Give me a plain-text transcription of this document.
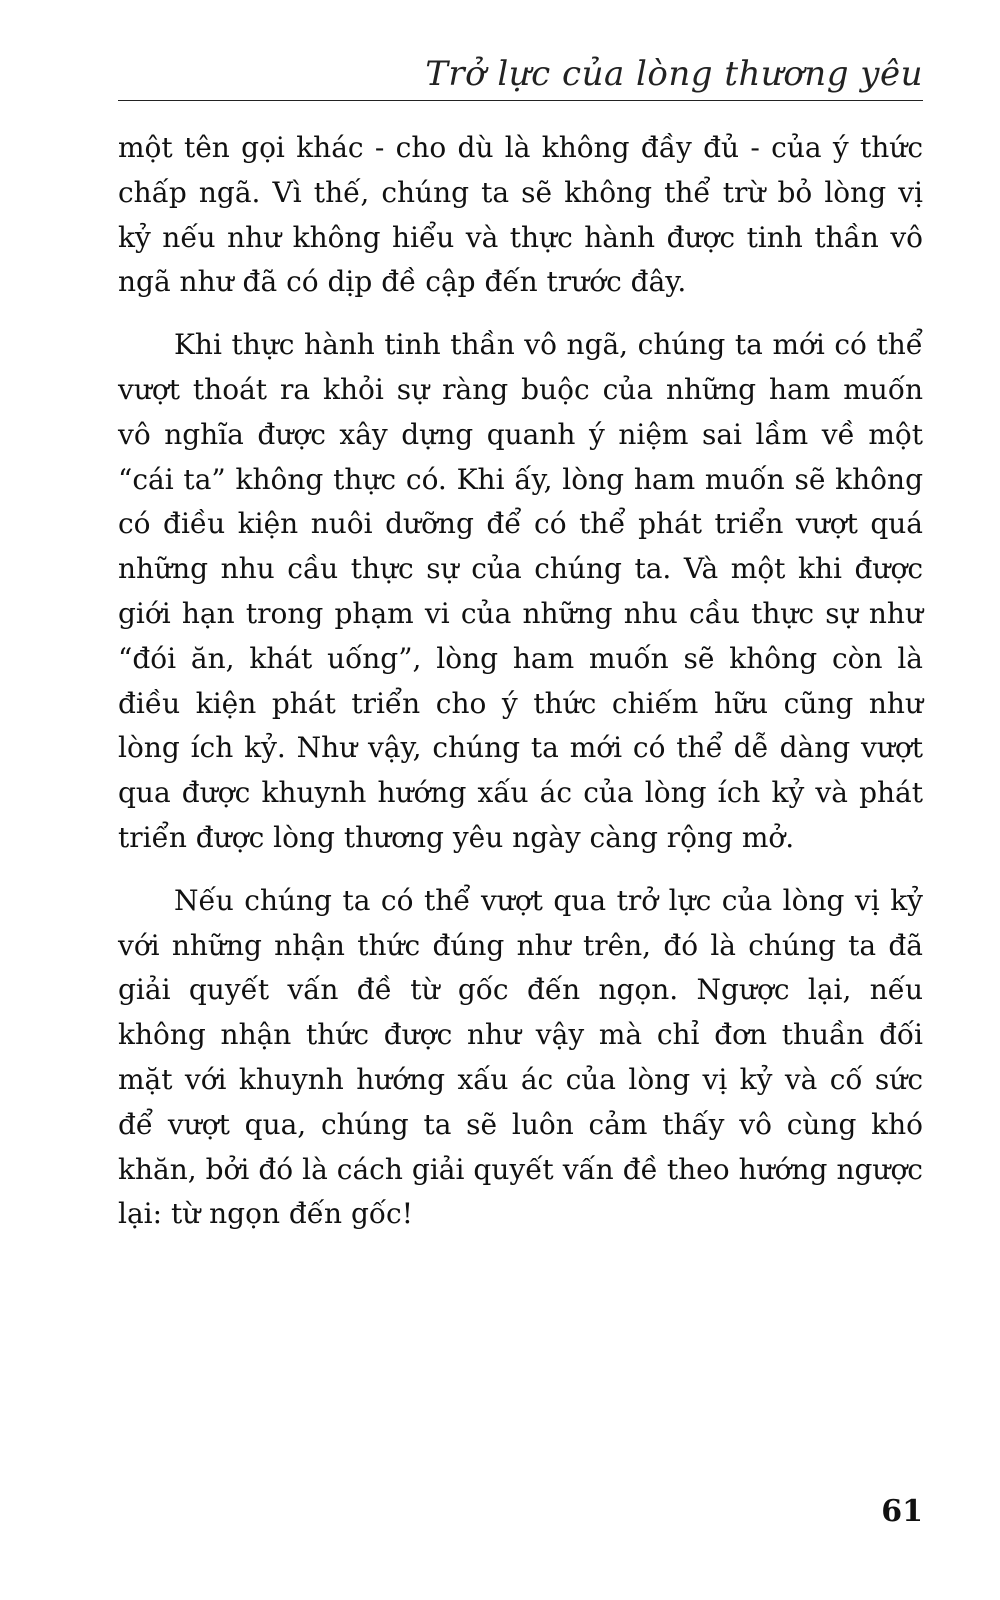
Trở lực của lòng thương yêu

một tên gọi khác - cho dù là không đầy đủ - của ý thức chấp ngã. Vì thế, chúng ta sẽ không thể trừ bỏ lòng vị kỷ nếu như không hiểu và thực hành được tinh thần vô ngã như đã có dịp đề cập đến trước đây.

Khi thực hành tinh thần vô ngã, chúng ta mới có thể vượt thoát ra khỏi sự ràng buộc của những ham muốn vô nghĩa được xây dựng quanh ý niệm sai lầm về một “cái ta” không thực có. Khi ấy, lòng ham muốn sẽ không có điều kiện nuôi dưỡng để có thể phát triển vượt quá những nhu cầu thực sự của chúng ta. Và một khi được giới hạn trong phạm vi của những nhu cầu thực sự như “đói ăn, khát uống”, lòng ham muốn sẽ không còn là điều kiện phát triển cho ý thức chiếm hữu cũng như lòng ích kỷ. Như vậy, chúng ta mới có thể dễ dàng vượt qua được khuynh hướng xấu ác của lòng ích kỷ và phát triển được lòng thương yêu ngày càng rộng mở.

Nếu chúng ta có thể vượt qua trở lực của lòng vị kỷ với những nhận thức đúng như trên, đó là chúng ta đã giải quyết vấn đề từ gốc đến ngọn. Ngược lại, nếu không nhận thức được như vậy mà chỉ đơn thuần đối mặt với khuynh hướng xấu ác của lòng vị kỷ và cố sức để vượt qua, chúng ta sẽ luôn cảm thấy vô cùng khó khăn, bởi đó là cách giải quyết vấn đề theo hướng ngược lại: từ ngọn đến gốc!

61
